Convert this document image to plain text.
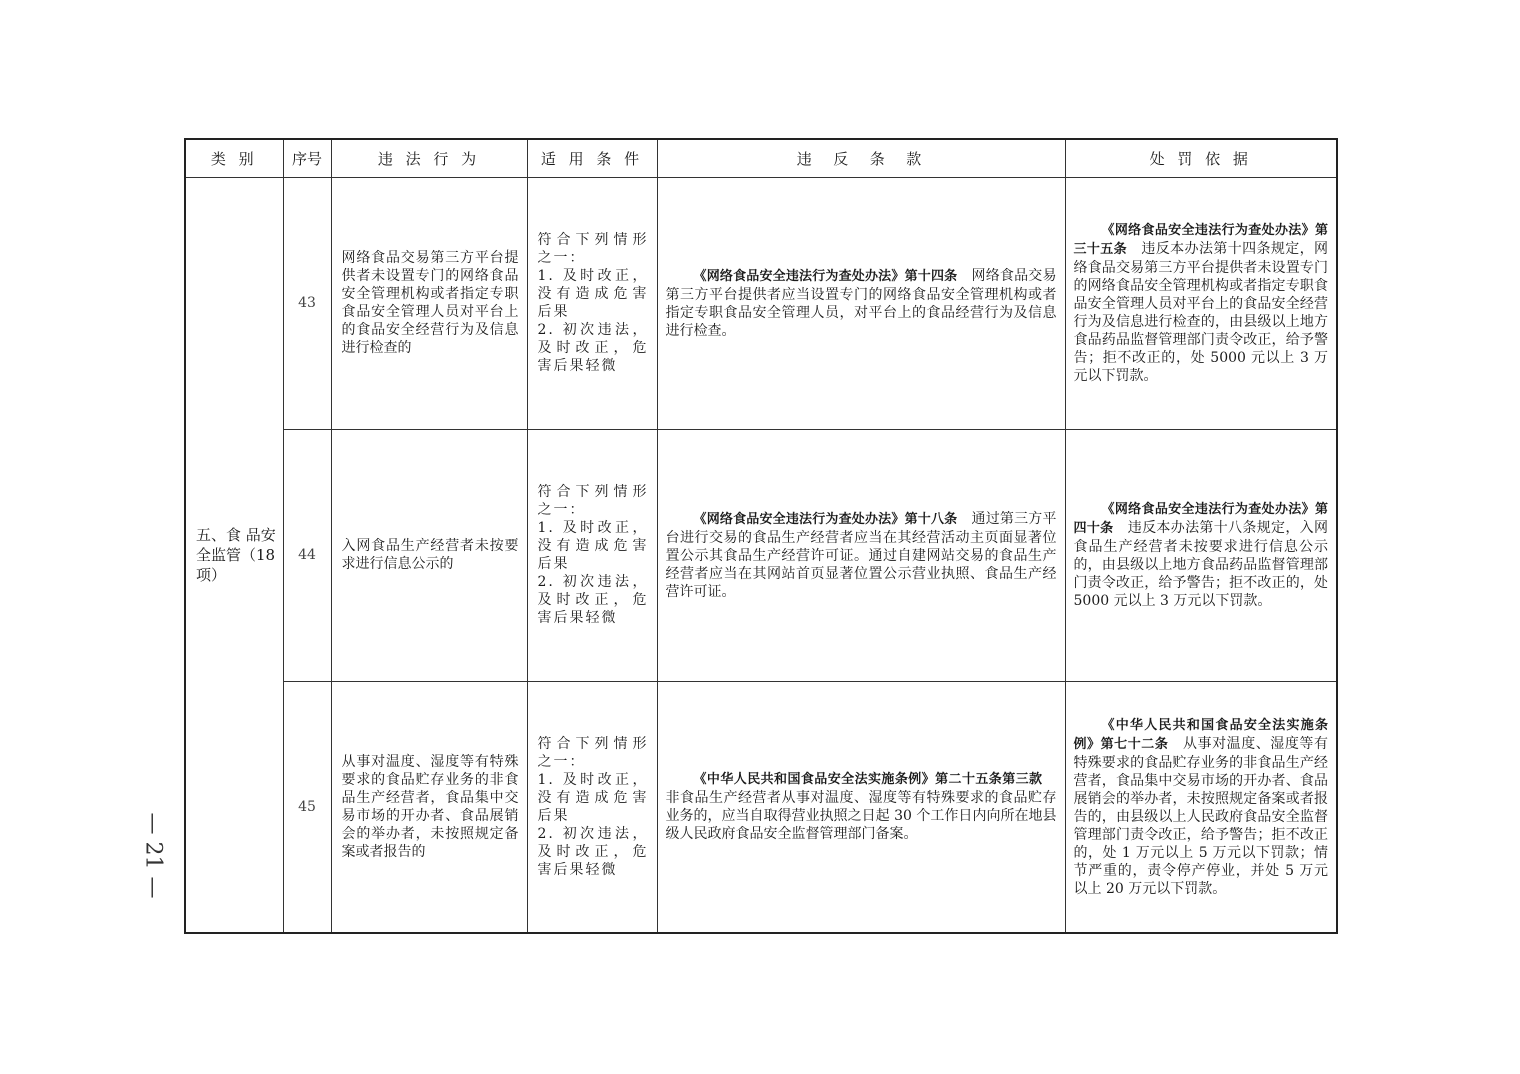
类 别	序号	违 法 行 为	适 用 条 件	违  反  条  款	处 罚 依 据

五、食 品安全监管（18 项）	43	网络食品交易第三方平台提供者未设置专门的网络食品安全管理机构或者指定专职食品安全管理人员对平台上的食品安全经营行为及信息进行检查的	符合下列情形之一：
1. 及时改正，没有造成危害后果
2. 初次违法，及时改正，危害后果轻微	《网络食品安全违法行为查处办法》第十四条　网络食品交易第三方平台提供者应当设置专门的网络食品安全管理机构或者指定专职食品安全管理人员，对平台上的食品经营行为及信息进行检查。	《网络食品安全违法行为查处办法》第三十五条　违反本办法第十四条规定，网络食品交易第三方平台提供者未设置专门的网络食品安全管理机构或者指定专职食品安全管理人员对平台上的食品安全经营行为及信息进行检查的，由县级以上地方食品药品监督管理部门责令改正，给予警告；拒不改正的，处 5000 元以上 3 万元以下罚款。

	44	入网食品生产经营者未按要求进行信息公示的	符合下列情形之一：
1. 及时改正，没有造成危害后果
2. 初次违法，及时改正，危害后果轻微	《网络食品安全违法行为查处办法》第十八条　通过第三方平台进行交易的食品生产经营者应当在其经营活动主页面显著位置公示其食品生产经营许可证。通过自建网站交易的食品生产经营者应当在其网站首页显著位置公示营业执照、食品生产经营许可证。	《网络食品安全违法行为查处办法》第四十条　违反本办法第十八条规定，入网食品生产经营者未按要求进行信息公示的，由县级以上地方食品药品监督管理部门责令改正，给予警告；拒不改正的，处 5000 元以上 3 万元以下罚款。

	45	从事对温度、湿度等有特殊要求的食品贮存业务的非食品生产经营者，食品集中交易市场的开办者、食品展销会的举办者，未按照规定备案或者报告的	符合下列情形之一：
1. 及时改正，没有造成危害后果
2. 初次违法，及时改正，危害后果轻微	《中华人民共和国食品安全法实施条例》第二十五条第三款　非食品生产经营者从事对温度、湿度等有特殊要求的食品贮存业务的，应当自取得营业执照之日起 30 个工作日内向所在地县级人民政府食品安全监督管理部门备案。	《中华人民共和国食品安全法实施条例》第七十二条　从事对温度、湿度等有特殊要求的食品贮存业务的非食品生产经营者，食品集中交易市场的开办者、食品展销会的举办者，未按照规定备案或者报告的，由县级以上人民政府食品安全监督管理部门责令改正，给予警告；拒不改正的，处 1 万元以上 5 万元以下罚款；情节严重的，责令停产停业，并处 5 万元以上 20 万元以下罚款。
— 21 —
